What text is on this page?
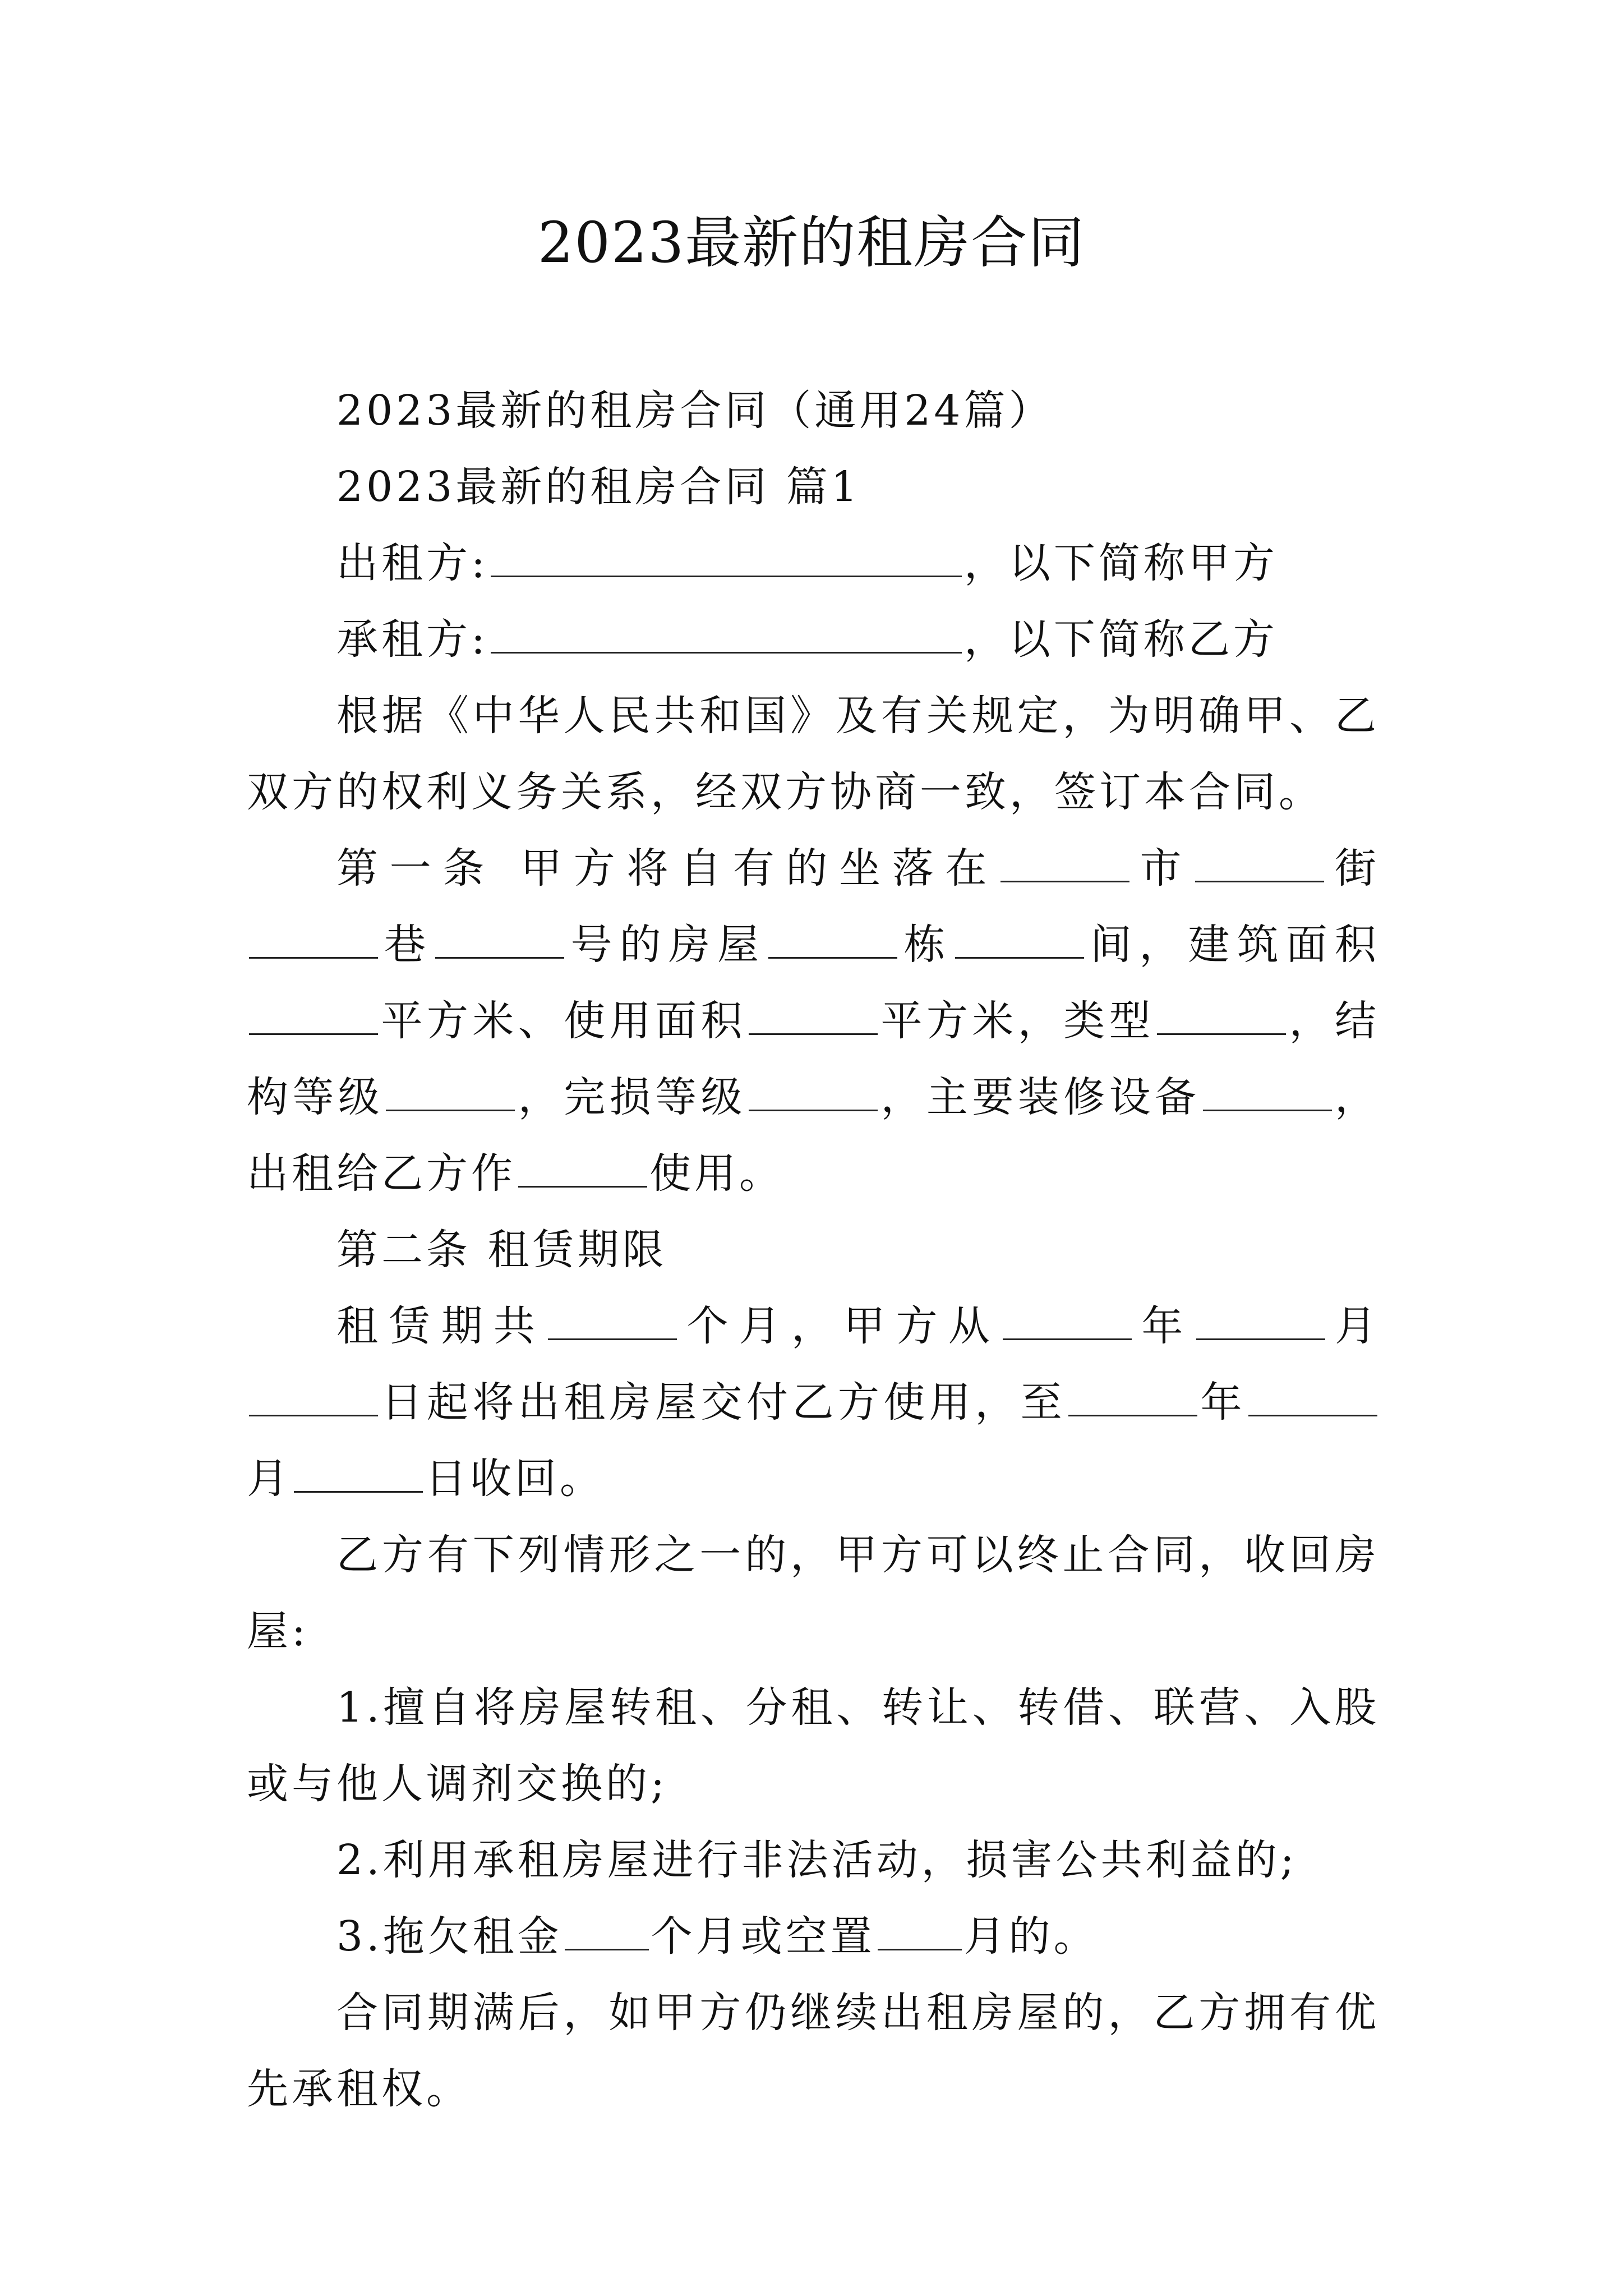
2023最新的租房合同

2023最新的租房合同（通用24篇）

2023最新的租房合同 篇1

出租方:	，以下简称甲方

承租方:	，以下简称乙方

根据《中华人民共和国》及有关规定，为明确甲、乙双方的权利义务关系，经双方协商一致，签订本合同。

第一条 甲方将自有的坐落在	市	街巷	号的房屋	栋	间，建筑面积平方米、使用面积	平方米，类型	，结构等级	，完损等级	，主要装修设备	，出租给乙方作	使用。

第二条 租赁期限

租赁期共	个月，甲方从	年	月日起将出租房屋交付乙方使用，至	年月	日收回。

乙方有下列情形之一的，甲方可以终止合同，收回房屋:

1.擅自将房屋转租、分租、转让、转借、联营、入股或与他人调剂交换的;

2.利用承租房屋进行非法活动，损害公共利益的;

3.拖欠租金 个月或空置 月的。

合同期满后，如甲方仍继续出租房屋的，乙方拥有优先承租权。
